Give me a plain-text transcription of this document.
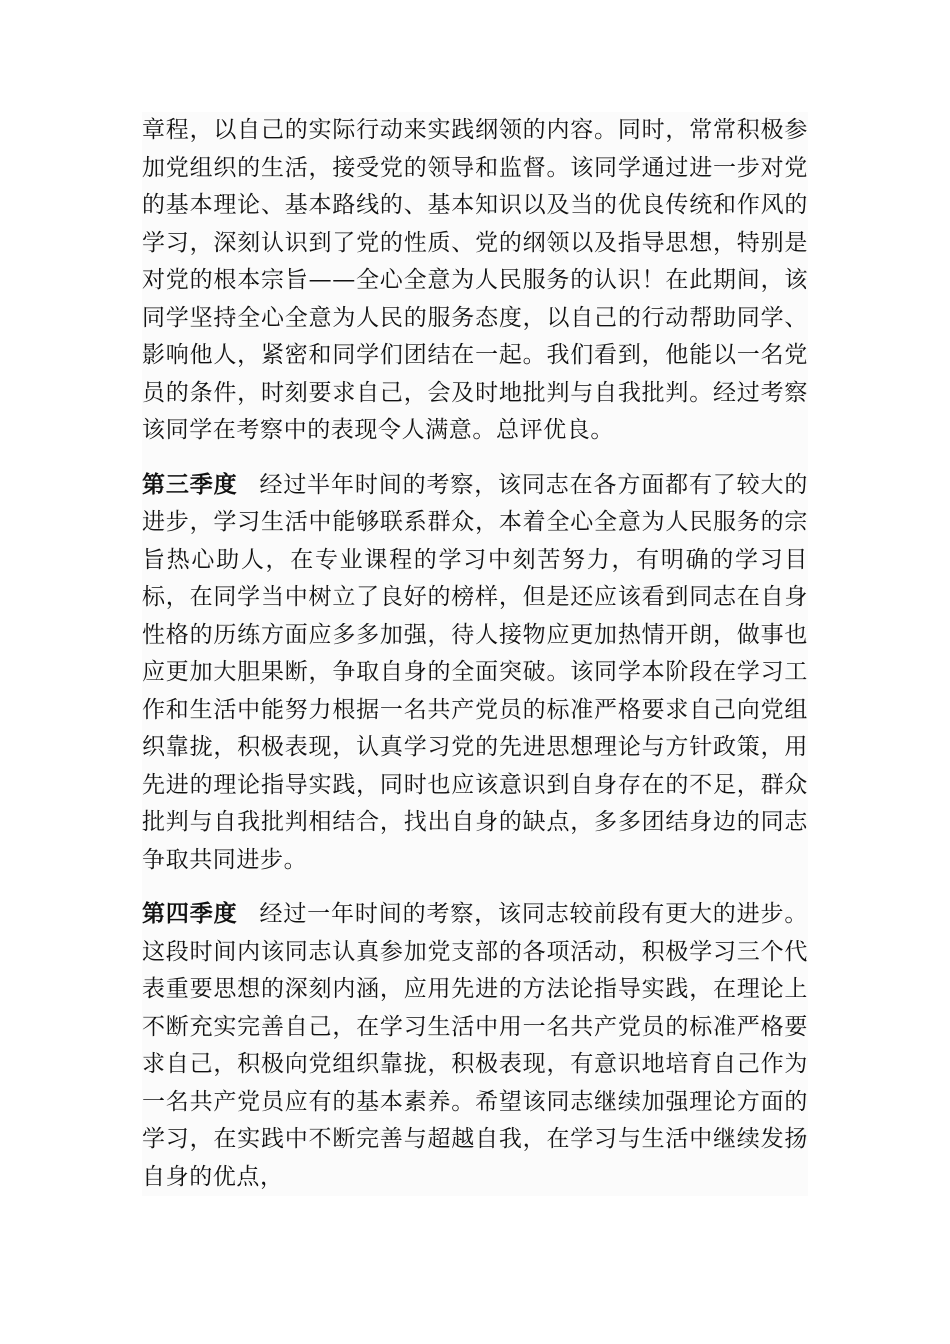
章程，以自己的实际行动来实践纲领的内容。同时，常常积极参加党组织的生活，接受党的领导和监督。该同学通过进一步对党的基本理论、基本路线的、基本知识以及当的优良传统和作风的学习，深刻认识到了党的性质、党的纲领以及指导思想，特别是对党的根本宗旨——全心全意为人民服务的认识！在此期间，该同学坚持全心全意为人民的服务态度，以自己的行动帮助同学、影响他人，紧密和同学们团结在一起。我们看到，他能以一名党员的条件，时刻要求自己，会及时地批判与自我批判。经过考察该同学在考察中的表现令人满意。总评优良。

第三季度 经过半年时间的考察，该同志在各方面都有了较大的进步，学习生活中能够联系群众，本着全心全意为人民服务的宗旨热心助人，在专业课程的学习中刻苦努力，有明确的学习目标，在同学当中树立了良好的榜样，但是还应该看到同志在自身性格的历练方面应多多加强，待人接物应更加热情开朗，做事也应更加大胆果断，争取自身的全面突破。该同学本阶段在学习工作和生活中能努力根据一名共产党员的标准严格要求自己向党组织靠拢，积极表现，认真学习党的先进思想理论与方针政策，用先进的理论指导实践，同时也应该意识到自身存在的不足，群众批判与自我批判相结合，找出自身的缺点，多多团结身边的同志争取共同进步。

第四季度 经过一年时间的考察，该同志较前段有更大的进步。这段时间内该同志认真参加党支部的各项活动，积极学习三个代表重要思想的深刻内涵，应用先进的方法论指导实践，在理论上不断充实完善自己，在学习生活中用一名共产党员的标准严格要求自己，积极向党组织靠拢，积极表现，有意识地培育自己作为一名共产党员应有的基本素养。希望该同志继续加强理论方面的学习，在实践中不断完善与超越自我，在学习与生活中继续发扬自身的优点，
